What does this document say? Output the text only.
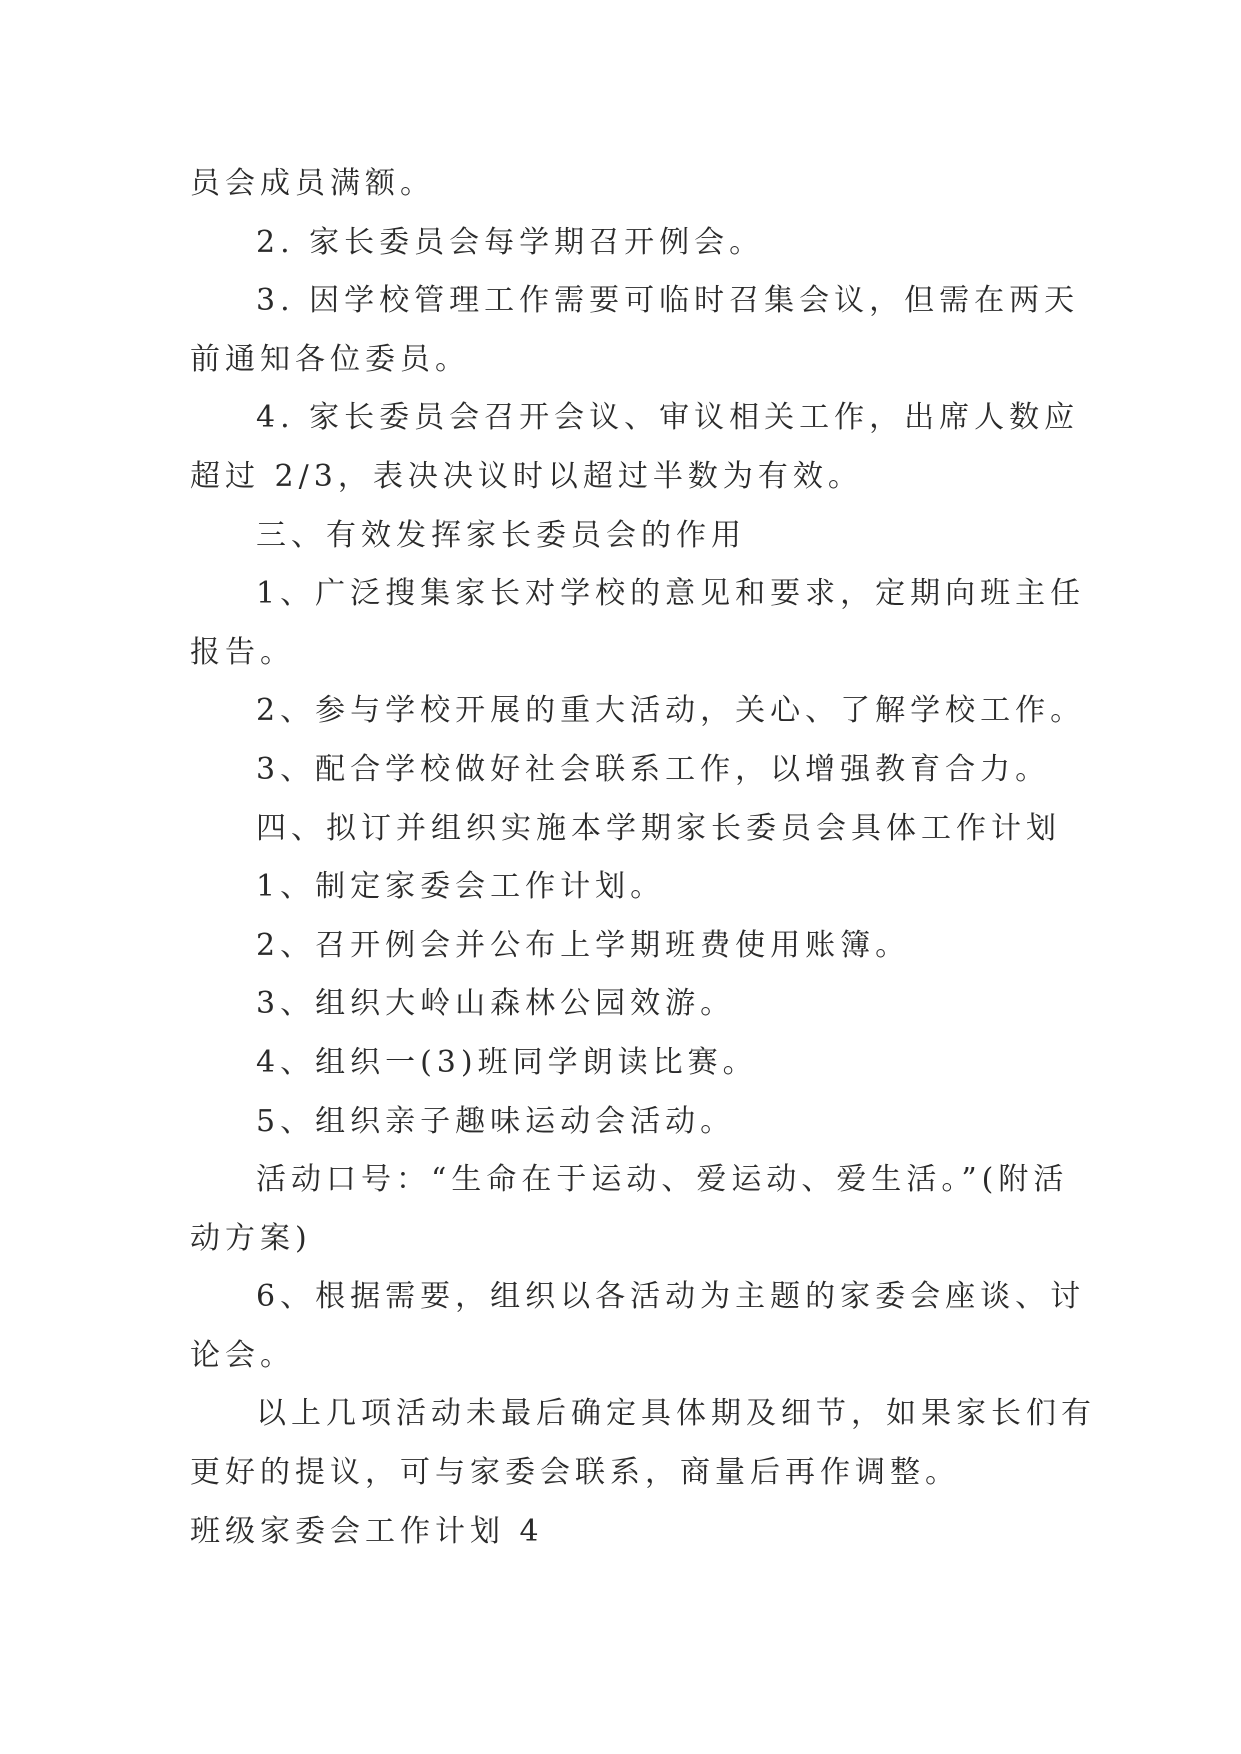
员会成员满额。
2. 家长委员会每学期召开例会。
3. 因学校管理工作需要可临时召集会议，但需在两天
前通知各位委员。
4. 家长委员会召开会议、审议相关工作，出席人数应
超过 2/3，表决决议时以超过半数为有效。
三、有效发挥家长委员会的作用
1、广泛搜集家长对学校的意见和要求，定期向班主任
报告。
2、参与学校开展的重大活动，关心、了解学校工作。
3、配合学校做好社会联系工作，以增强教育合力。
四、拟订并组织实施本学期家长委员会具体工作计划
1、制定家委会工作计划。
2、召开例会并公布上学期班费使用账簿。
3、组织大岭山森林公园效游。
4、组织一(3)班同学朗读比赛。
5、组织亲子趣味运动会活动。
活动口号：“生命在于运动、爱运动、爱生活。”(附活
动方案)
6、根据需要，组织以各活动为主题的家委会座谈、讨
论会。
以上几项活动未最后确定具体期及细节，如果家长们有
更好的提议，可与家委会联系，商量后再作调整。
班级家委会工作计划 4
